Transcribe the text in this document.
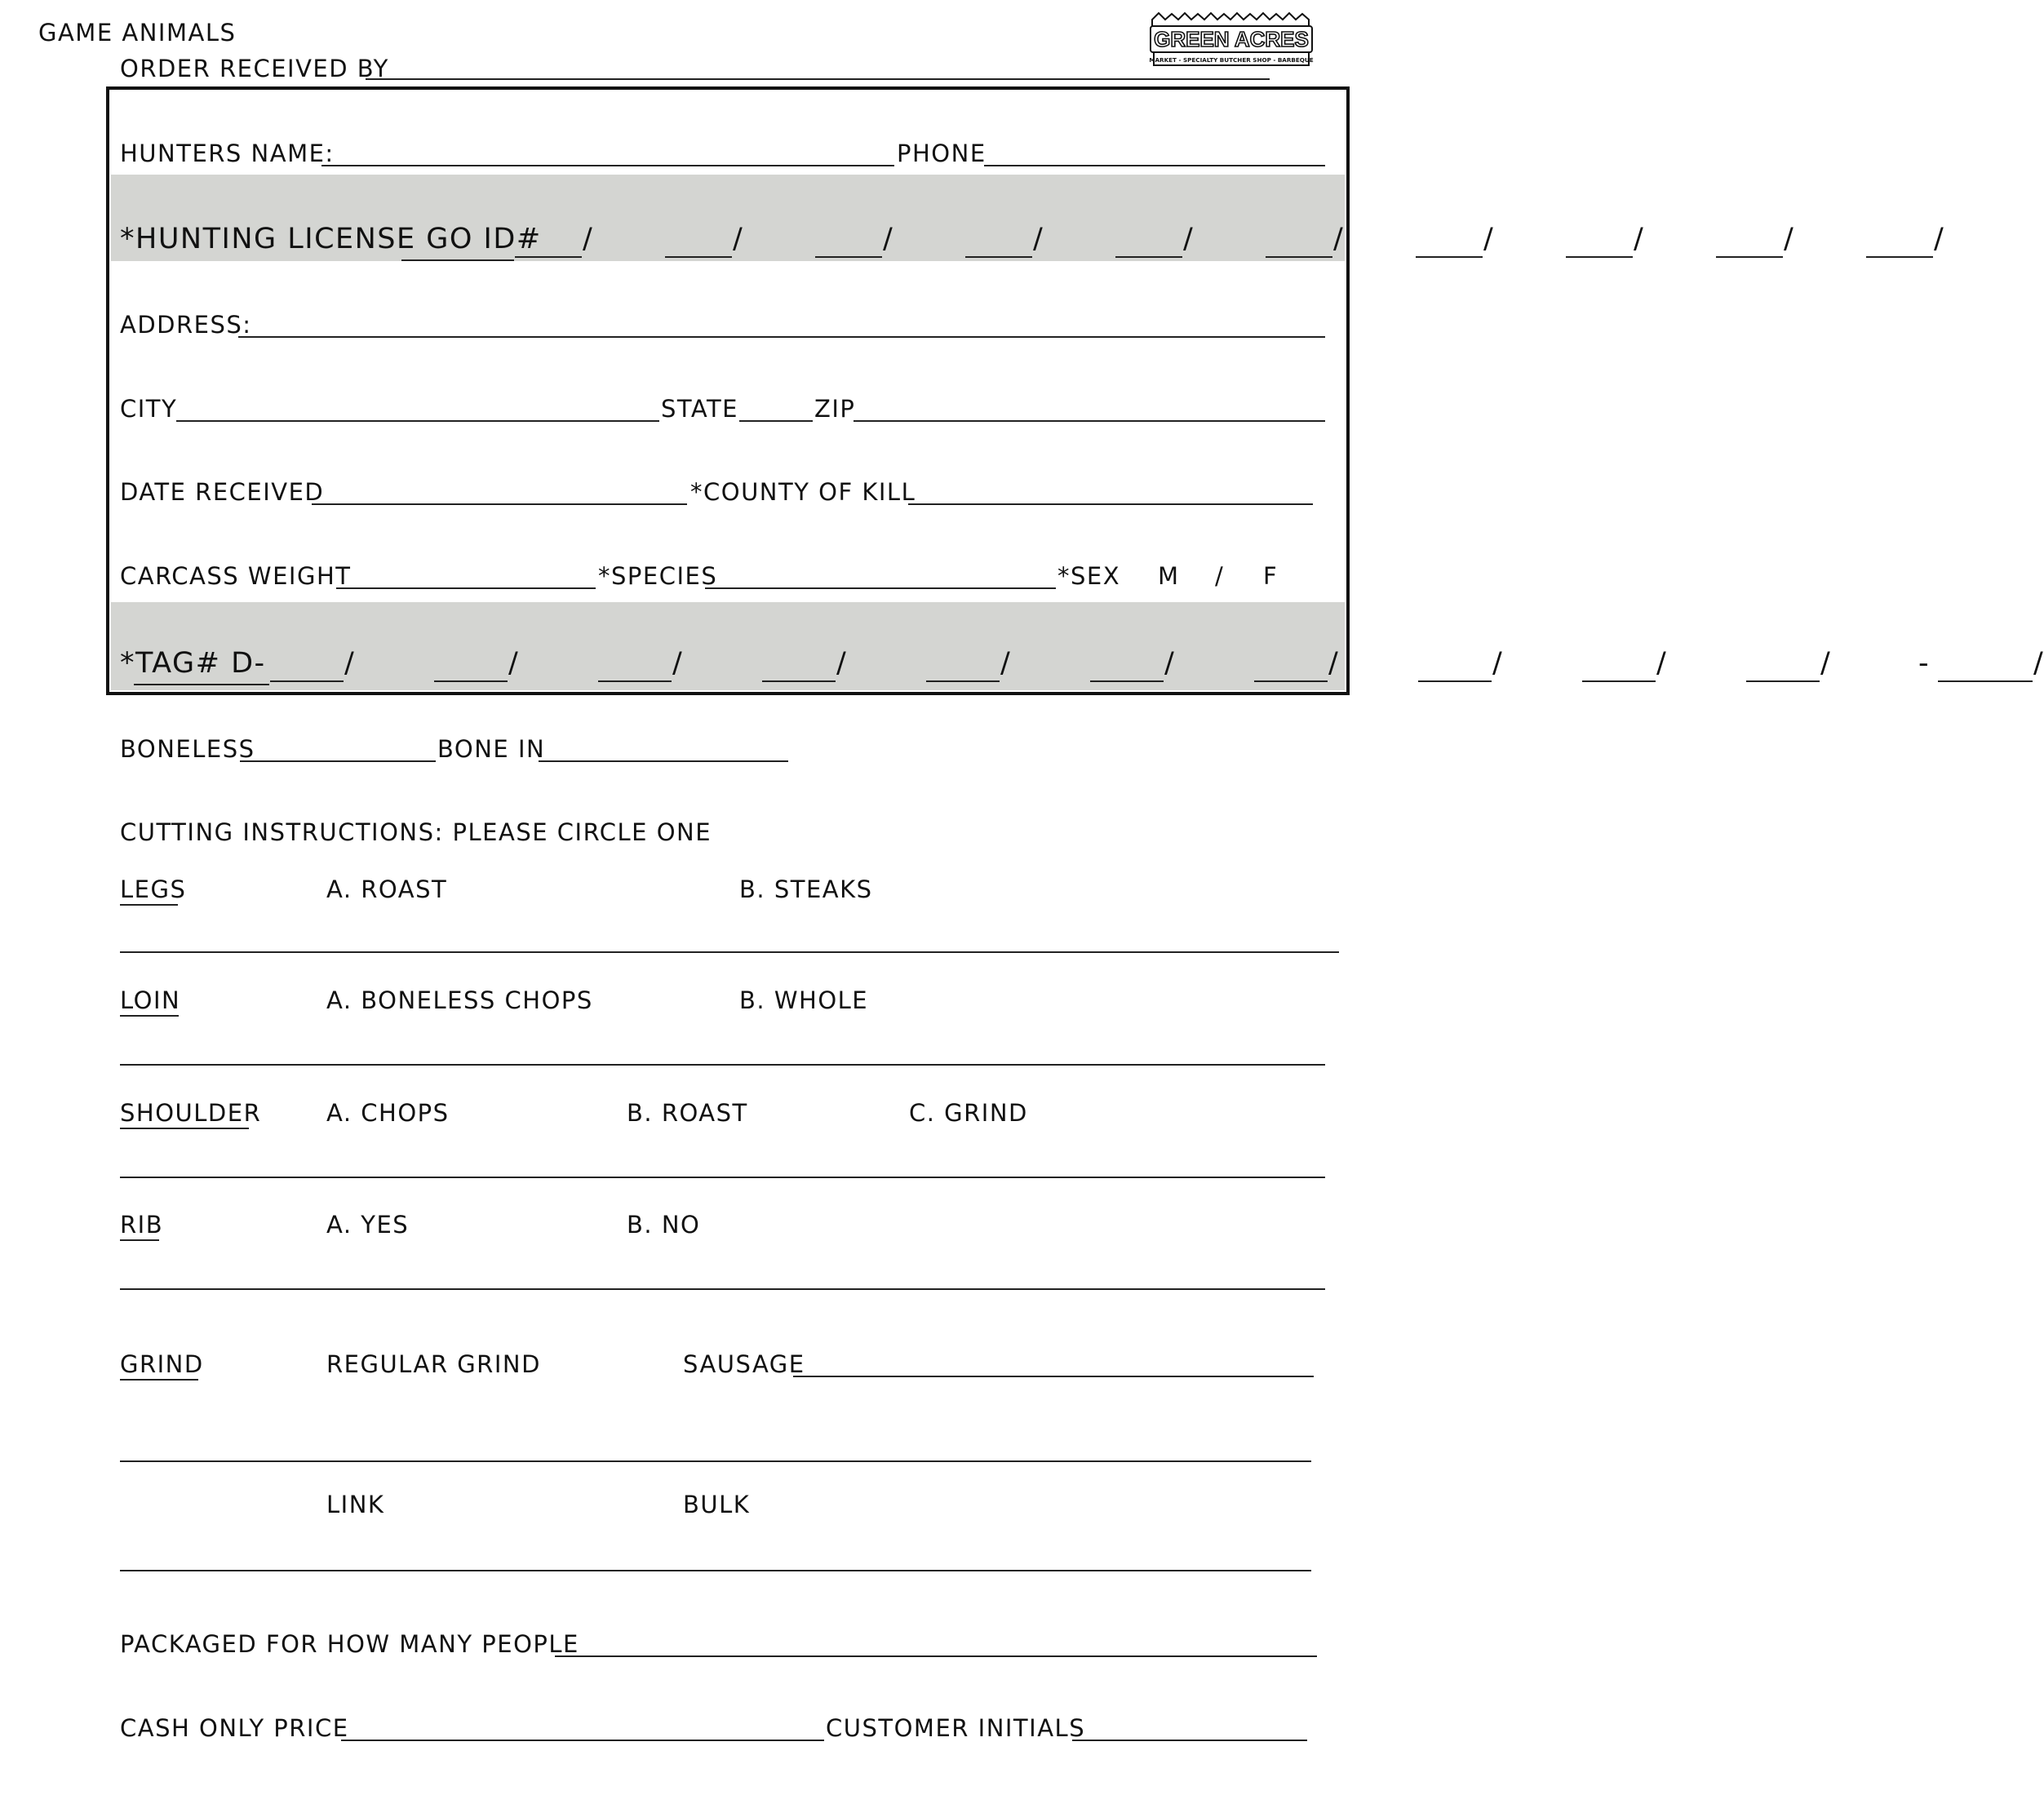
GREEN ACRES
MARKET - SPECIALTY BUTCHER SHOP - BARBEQUE
GAME ANIMALS
ORDER RECEIVED BY
HUNTERS NAME:	PHONE
*HUNTING LICENSE GO ID# /	/	/	/	/	/	/	/	/	/
ADDRESS:
CITY	STATE	ZIP
DATE RECEIVED	*COUNTY OF KILL
CARCASS WEIGHT	*SPECIES	*SEX M / F
*TAG# D-	/	/	/	/	/	/	/	/	/	/	-	/
BONELESS	BONE IN
CUTTING INSTRUCTIONS: PLEASE CIRCLE ONE
LEGS	A. ROAST	B. STEAKS
LOIN	A. BONELESS CHOPS	B. WHOLE
SHOULDER	A. CHOPS	B. ROAST	C. GRIND
RIB	A. YES	B. NO
GRIND	REGULAR GRIND	SAUSAGE
LINK	BULK
PACKAGED FOR HOW MANY PEOPLE
CASH ONLY PRICE	CUSTOMER INITIALS
